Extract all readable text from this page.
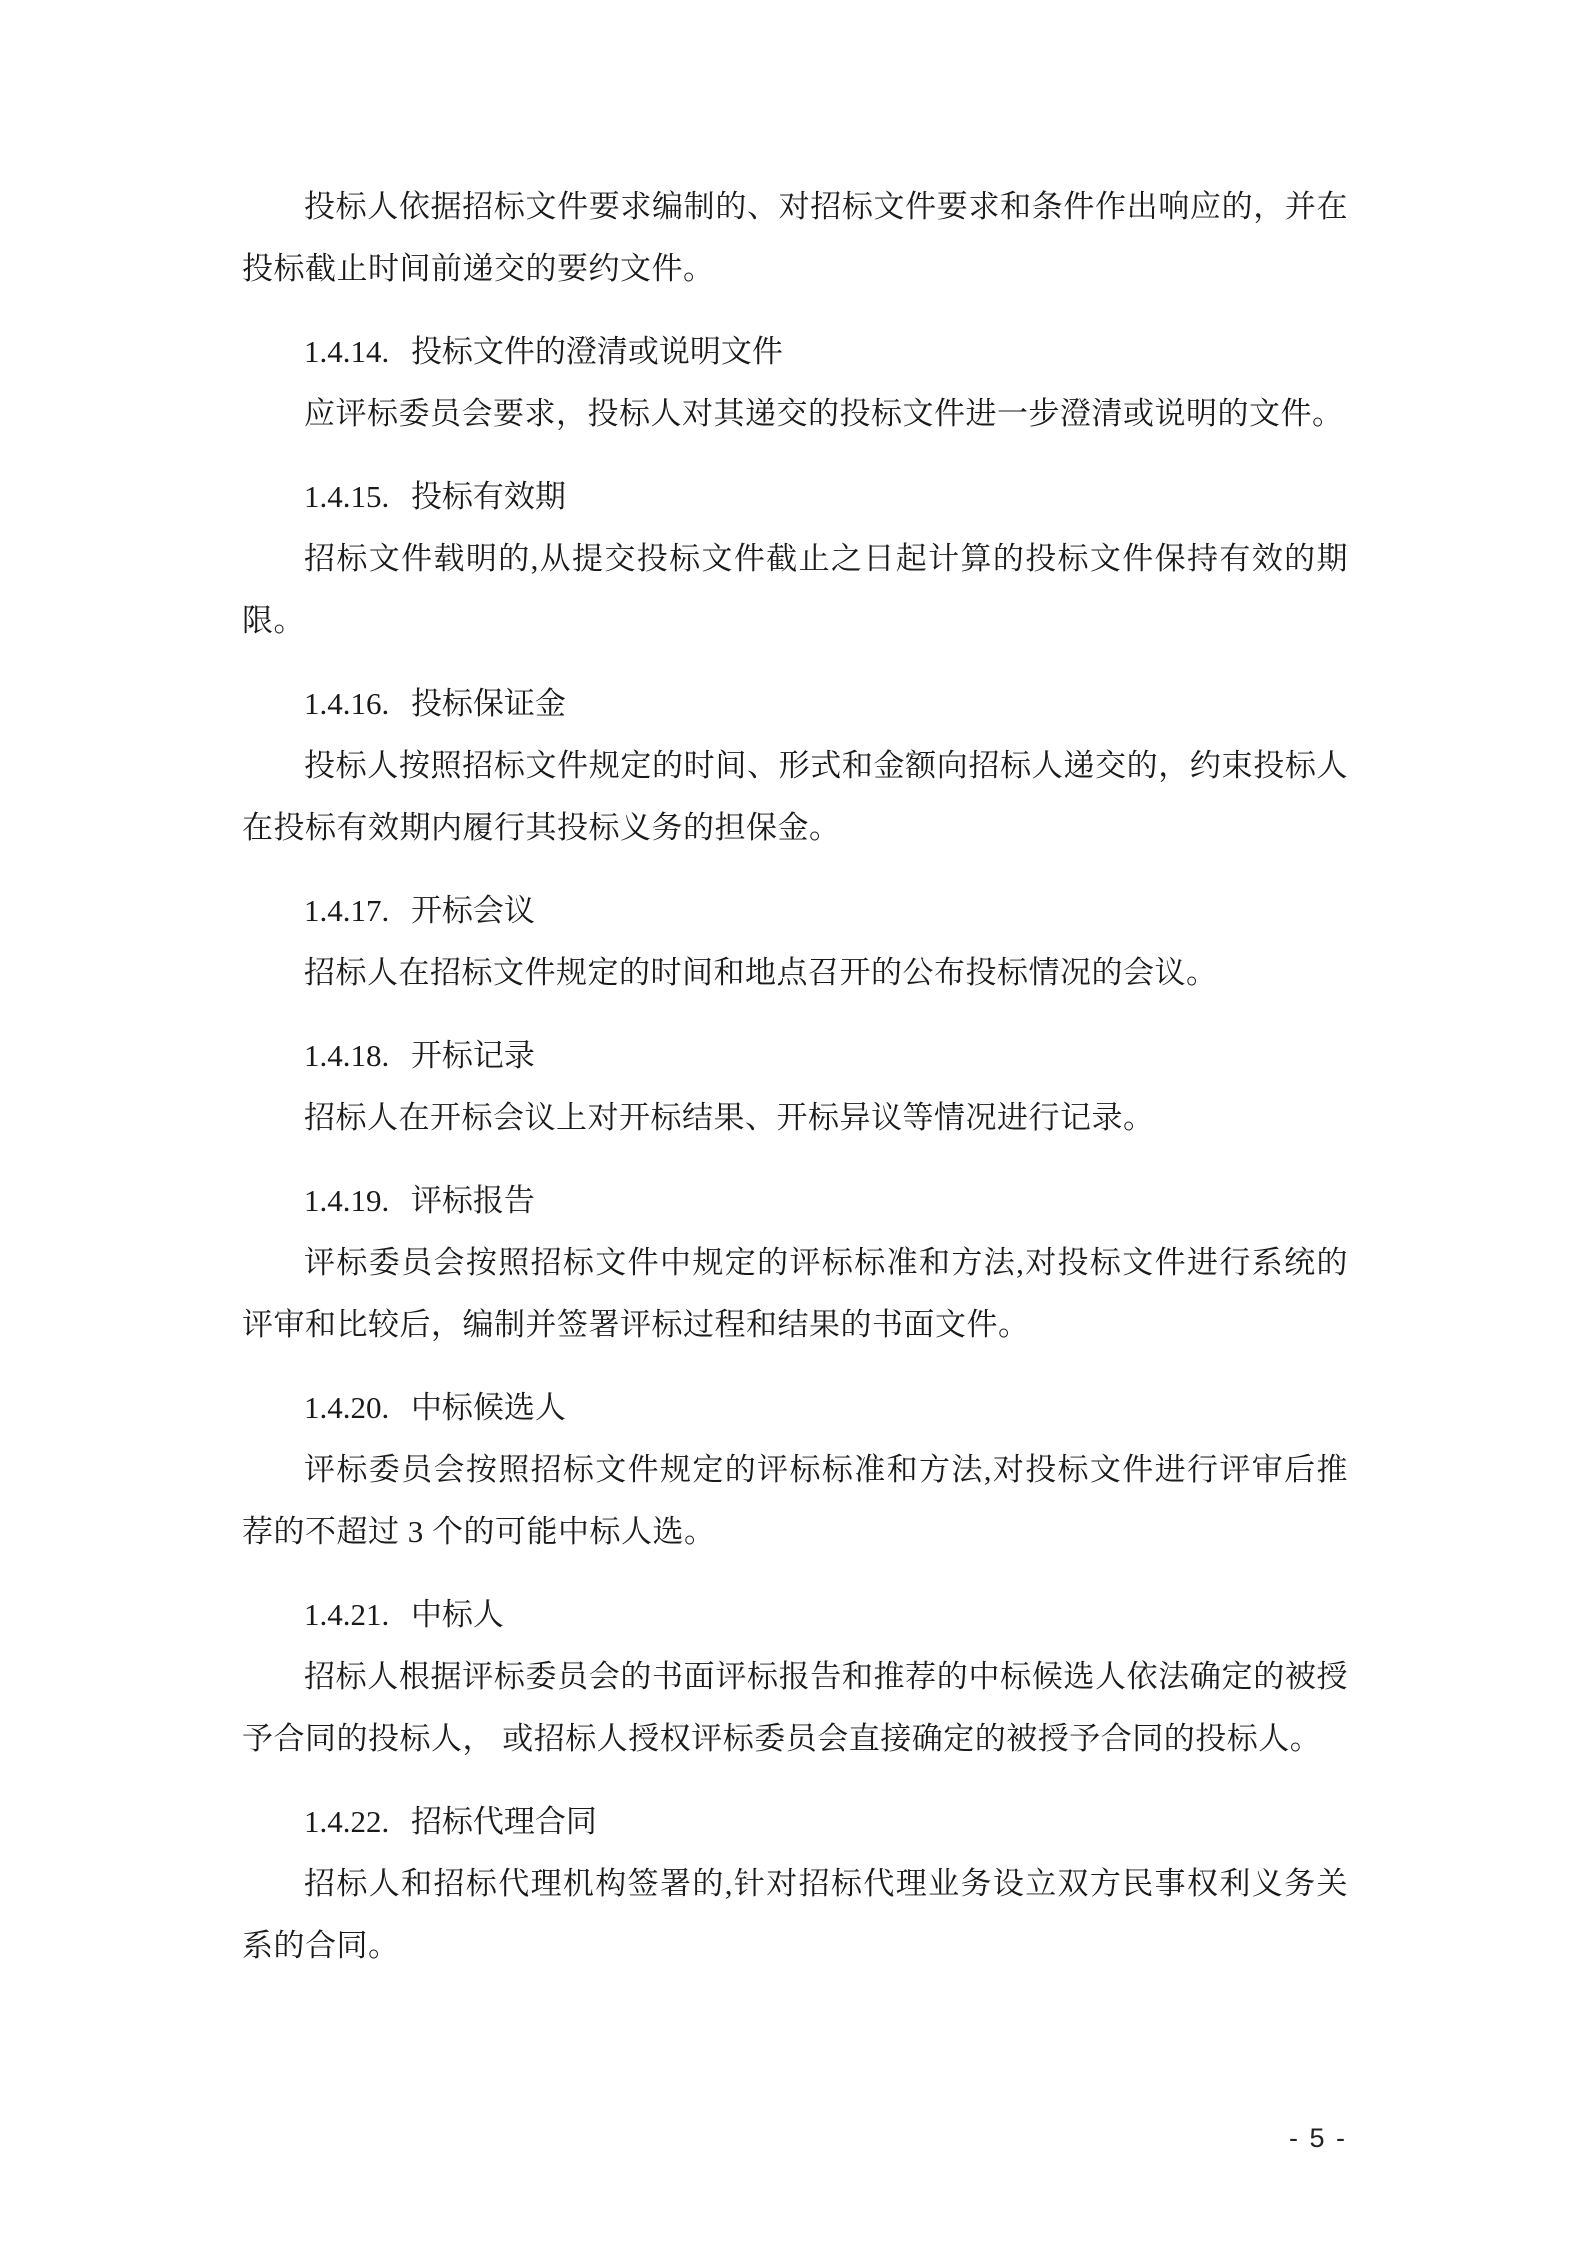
投标人依据招标文件要求编制的、对招标文件要求和条件作出响应的，并在投标截止时间前递交的要约文件。

1.4.14. 投标文件的澄清或说明文件

应评标委员会要求，投标人对其递交的投标文件进一步澄清或说明的文件。

1.4.15. 投标有效期

招标文件载明的,从提交投标文件截止之日起计算的投标文件保持有效的期限。

1.4.16. 投标保证金

投标人按照招标文件规定的时间、形式和金额向招标人递交的，约束投标人在投标有效期内履行其投标义务的担保金。

1.4.17. 开标会议

招标人在招标文件规定的时间和地点召开的公布投标情况的会议。

1.4.18. 开标记录

招标人在开标会议上对开标结果、开标异议等情况进行记录。

1.4.19. 评标报告

评标委员会按照招标文件中规定的评标标准和方法,对投标文件进行系统的评审和比较后，编制并签署评标过程和结果的书面文件。

1.4.20. 中标候选人

评标委员会按照招标文件规定的评标标准和方法,对投标文件进行评审后推荐的不超过 3 个的可能中标人选。

1.4.21. 中标人

招标人根据评标委员会的书面评标报告和推荐的中标候选人依法确定的被授予合同的投标人， 或招标人授权评标委员会直接确定的被授予合同的投标人。

1.4.22. 招标代理合同

招标人和招标代理机构签署的,针对招标代理业务设立双方民事权利义务关系的合同。

- 5 -
